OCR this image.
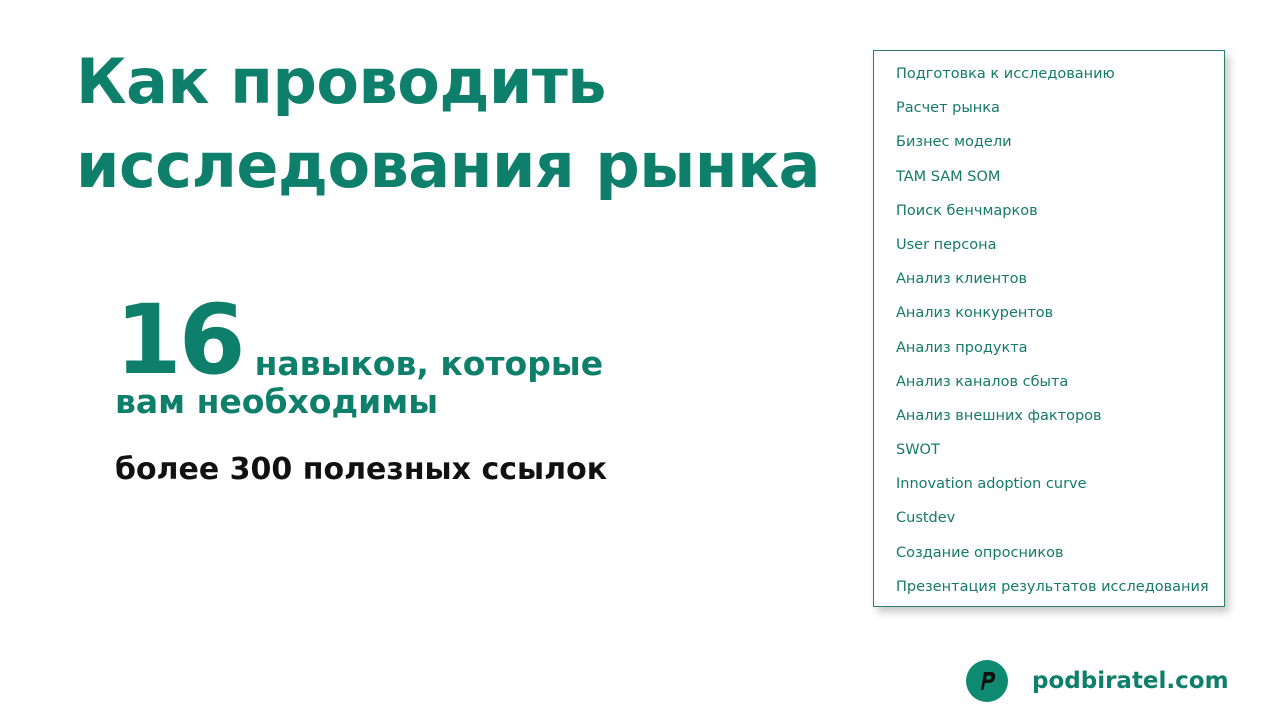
Как проводить
исследования рынка
16 навыков, которые
вам необходимы
более 300 полезных ссылок
Подготовка к исследованию
Расчет рынка
Бизнес модели
TAM SAM SOM
Поиск бенчмарков
User персона
Анализ клиентов
Анализ конкурентов
Анализ продукта
Анализ каналов сбыта
Анализ внешних факторов
SWOT
Innovation adoption curve
Custdev
Создание опросников
Презентация результатов исследования
podbiratel.com
